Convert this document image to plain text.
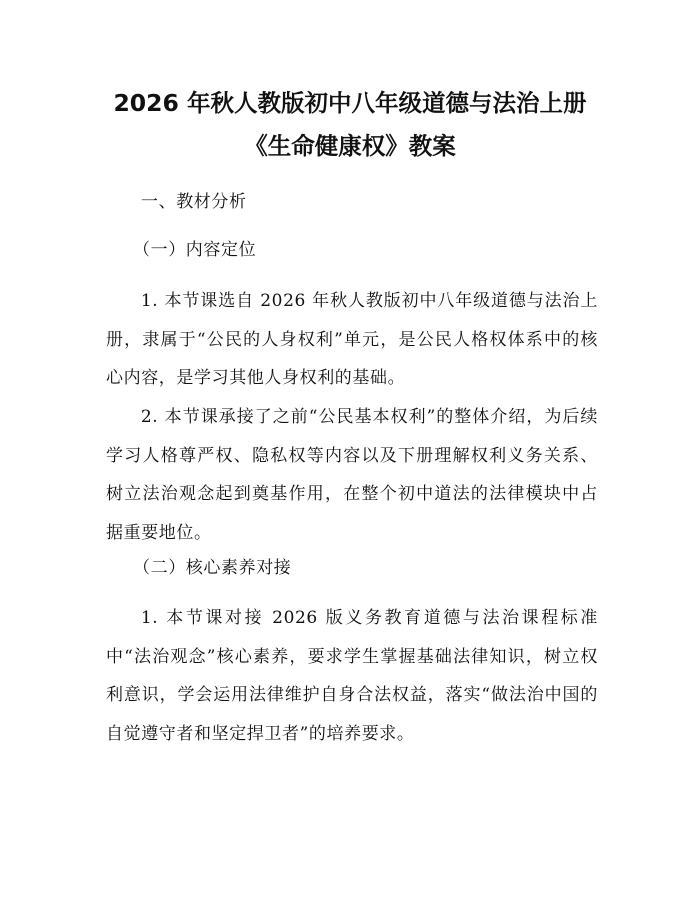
2026 年秋人教版初中八年级道德与法治上册
《生命健康权》教案
一、教材分析
（一）内容定位

1. 本节课选自 2026 年秋人教版初中八年级道德与法治上册，隶属于“公民的人身权利”单元，是公民人格权体系中的核心内容，是学习其他人身权利的基础。

2. 本节课承接了之前“公民基本权利”的整体介绍，为后续学习人格尊严权、隐私权等内容以及下册理解权利义务关系、树立法治观念起到奠基作用，在整个初中道法的法律模块中占据重要地位。

（二）核心素养对接

1. 本节课对接 2026 版义务教育道德与法治课程标准中“法治观念”核心素养，要求学生掌握基础法律知识，树立权利意识，学会运用法律维护自身合法权益，落实“做法治中国的自觉遵守者和坚定捍卫者”的培养要求。
